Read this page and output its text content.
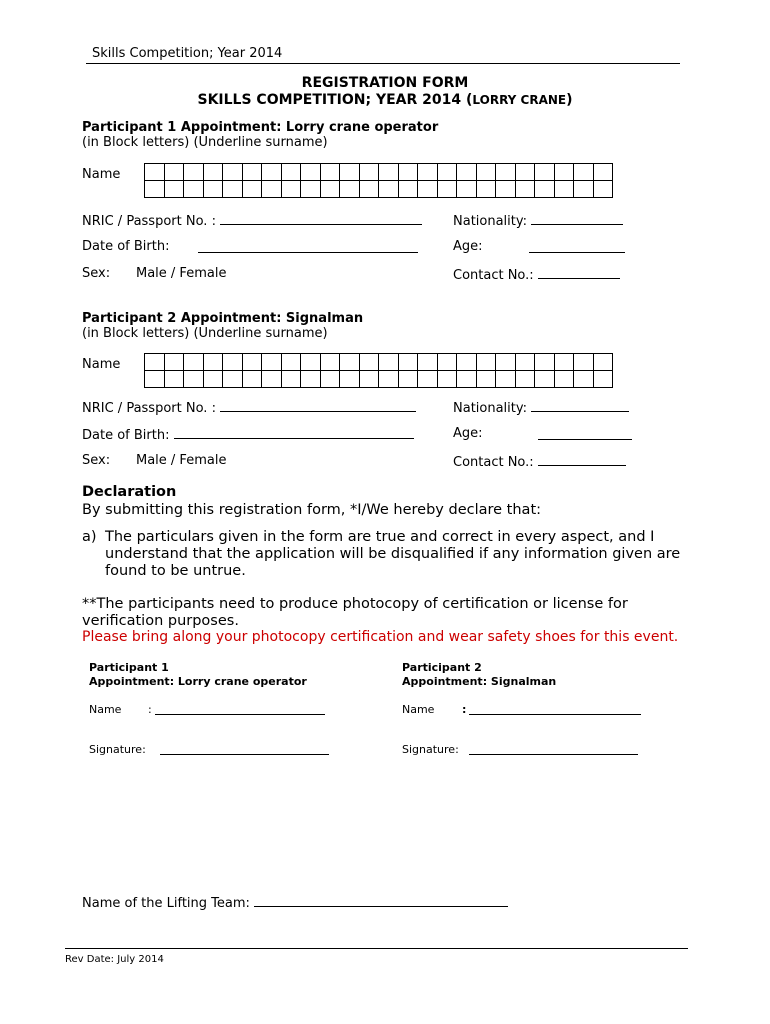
Skills Competition; Year 2014
REGISTRATION FORM
SKILLS COMPETITION; YEAR 2014 (LORRY CRANE)
Participant 1 Appointment: Lorry crane operator
(in Block letters) (Underline surname)
Name

NRIC / Passport No. :	Nationality:
Date of Birth:	Age:
Sex: Male / Female	Contact No.:
Participant 2 Appointment: Signalman
(in Block letters) (Underline surname)
Name

NRIC / Passport No. :	Nationality:
Date of Birth:	Age:
Sex: Male / Female	Contact No.:
Declaration
By submitting this registration form, *I/We hereby declare that:
a) The particulars given in the form are true and correct in every aspect, and I
understand that the application will be disqualified if any information given are
found to be untrue.
**The participants need to produce photocopy of certification or license for
verification purposes.
Please bring along your photocopy certification and wear safety shoes for this event.
Participant 1
Appointment: Lorry crane operator
Participant 2
Appointment: Signalman
Name :	Name	:
Signature:	Signature:
Name of the Lifting Team:
Rev Date: July 2014
